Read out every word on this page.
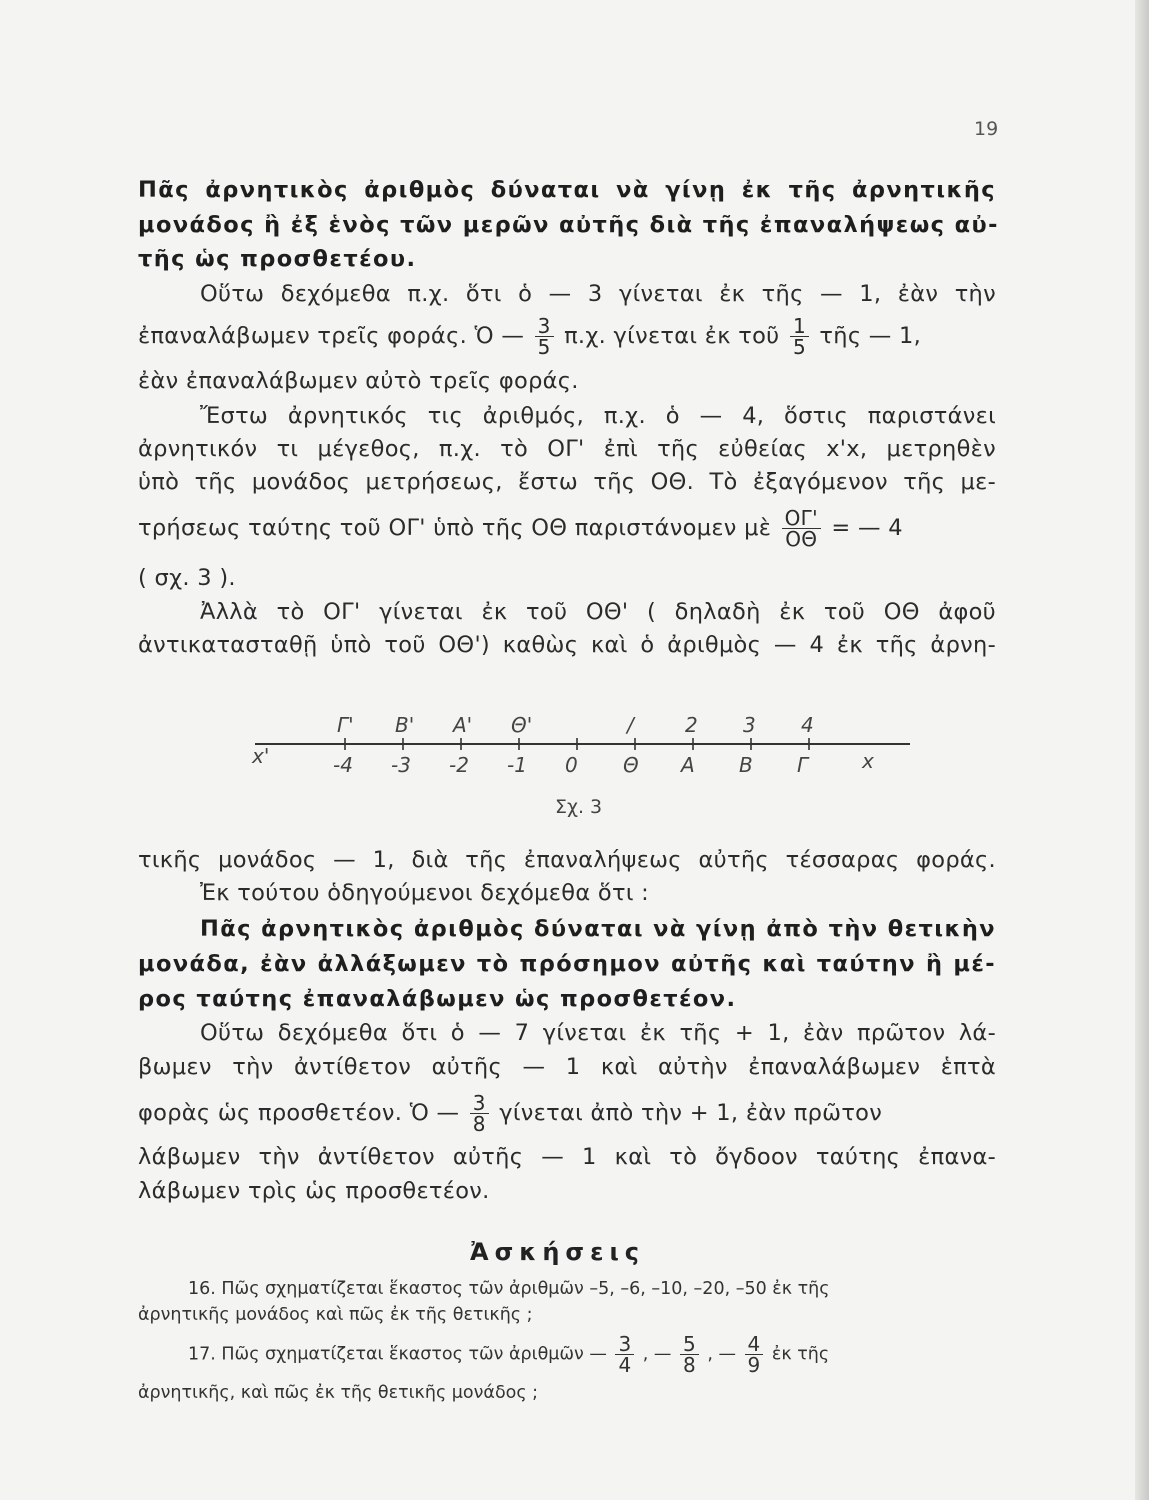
19
Πᾶς ἀρνητικὸς ἀριθμὸς δύναται νὰ γίνῃ ἐκ τῆς ἀρνητικῆς
μονάδος ἢ ἐξ ἑνὸς τῶν μερῶν αὐτῆς διὰ τῆς ἐπαναλήψεως αὐ-
τῆς ὡς προσθετέου.
Οὕτω δεχόμεθα π.χ. ὅτι ὁ — 3 γίνεται ἐκ τῆς — 1, ἐὰν τὴν
ἐπαναλάβωμεν τρεῖς φοράς. Ὁ — $\frac{3}{5} \pi.\chi$. γίνεται ἐκ τοῦ $\frac{1}{5}$ τῆς — 1,
ἐὰν ἐπαναλάβωμεν αὐτὸ τρεῖς φοράς.
Ἔστω ἀρνητικός τις ἀριθμός, π.χ. ὁ — 4, ὅστις παριστάνει
ἀρνητικόν τι μέγεθος, π.χ. τὸ ΟΓ' ἐπὶ τῆς εὐθείας x'x, μετρηθὲν
ὑπὸ τῆς μονάδος μετρήσεως, ἔστω τῆς ΟΘ. Τὸ ἐξαγόμενον τῆς με-
τρήσεως ταύτης τοῦ ΟΓ' ὑπὸ τῆς ΟΘ παριστάνομεν μὲ $\frac{O\Gamma'}{O\Theta}$ = — 4
( σχ. 3 ).
Ἀλλὰ τὸ ΟΓ' γίνεται ἐκ τοῦ ΟΘ' ( δηλαδὴ ἐκ τοῦ ΟΘ ἀφοῦ
ἀντικατασταθῇ ὑπὸ τοῦ ΟΘ') καθὼς καὶ ὁ ἀριθμὸς — 4 ἐκ τῆς ἀρνη-
x'	x
Γ'
-4
Β'
-3
Α'
-2
Θ'
-1 0
/
Θ
2
Α
3
Β
4
Γ
Σχ. 3
τικῆς μονάδος — 1, διὰ τῆς ἐπαναλήψεως αὐτῆς τέσσαρας φοράς.
Ἐκ τούτου ὁδηγούμενοι δεχόμεθα ὅτι :
Πᾶς ἀρνητικὸς ἀριθμὸς δύναται νὰ γίνῃ ἀπὸ τὴν θετικὴν
μονάδα, ἐὰν ἀλλάξωμεν τὸ πρόσημον αὐτῆς καὶ ταύτην ἢ μέ-
ρος ταύτης ἐπαναλάβωμεν ὡς προσθετέον.
Οὕτω δεχόμεθα ὅτι ὁ — 7 γίνεται ἐκ τῆς + 1, ἐὰν πρῶτον λά-
βωμεν τὴν ἀντίθετον αὐτῆς — 1 καὶ αὐτὴν ἐπαναλάβωμεν ἑπτὰ
φορὰς ὡς προσθετέον. Ὁ — $\frac{3}{8}$ γίνεται ἀπὸ τὴν + 1, ἐὰν πρῶτον
λάβωμεν τὴν ἀντίθετον αὐτῆς — 1 καὶ τὸ ὄγδοον ταύτης ἐπανα-
λάβωμεν τρὶς ὡς προσθετέον.
Ἀσκήσεις
16. Πῶς σχηματίζεται ἕκαστος τῶν ἀριθμῶν –5, –6, –10, –20, –50 ἐκ τῆς
ἀρνητικῆς μονάδος καὶ πῶς ἐκ τῆς θετικῆς ;
17. Πῶς σχηματίζεται ἕκαστος τῶν ἀριθμῶν — $\frac{3}{4}$ , — $\frac{5}{8}$ , — $\frac{4}{9}$ ἐκ τῆς
ἀρνητικῆς, καὶ πῶς ἐκ τῆς θετικῆς μονάδος ;
